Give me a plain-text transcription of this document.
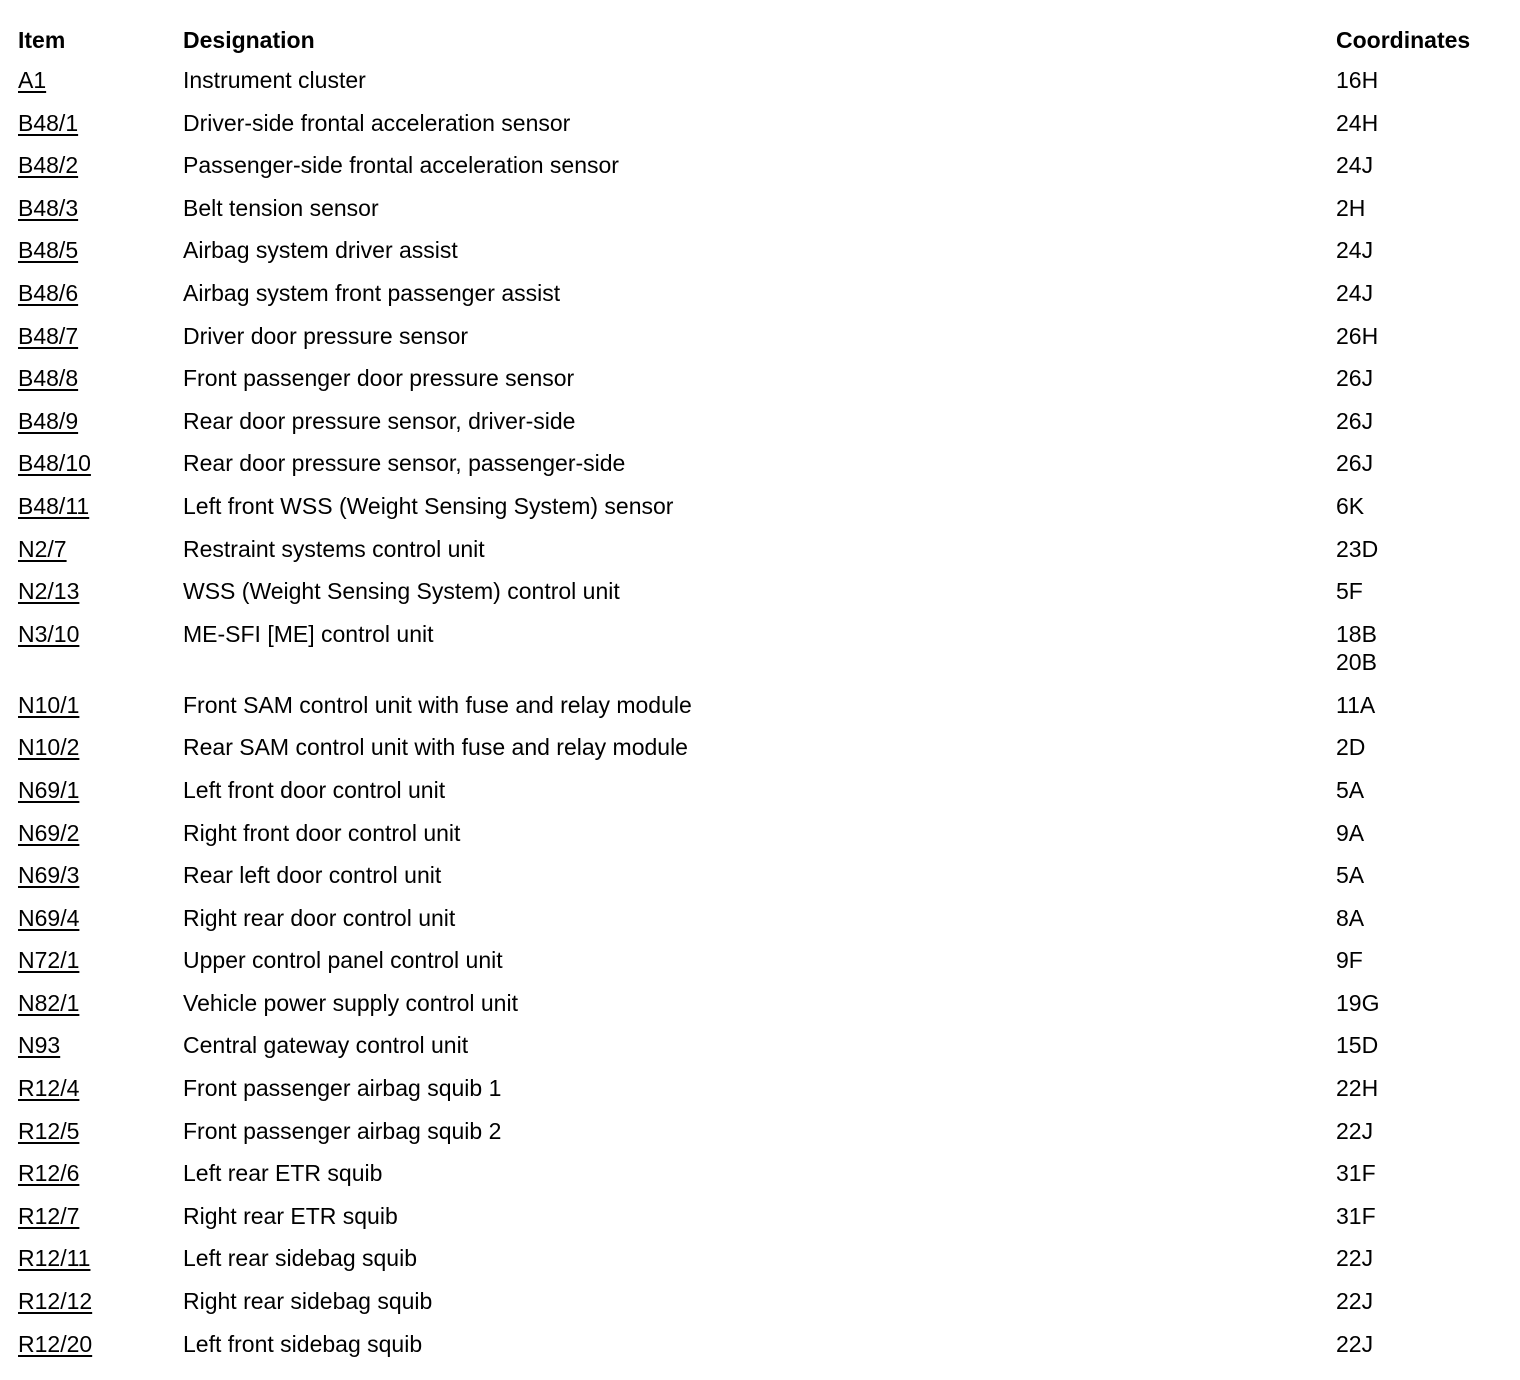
Item	Designation	Coordinates
A1	Instrument cluster	16H
B48/1	Driver-side frontal acceleration sensor	24H
B48/2	Passenger-side frontal acceleration sensor	24J
B48/3	Belt tension sensor	2H
B48/5	Airbag system driver assist	24J
B48/6	Airbag system front passenger assist	24J
B48/7	Driver door pressure sensor	26H
B48/8	Front passenger door pressure sensor	26J
B48/9	Rear door pressure sensor, driver-side	26J
B48/10	Rear door pressure sensor, passenger-side	26J
B48/11	Left front WSS (Weight Sensing System) sensor	6K
N2/7	Restraint systems control unit	23D
N2/13	WSS (Weight Sensing System) control unit	5F
N3/10	ME-SFI [ME] control unit	18B
20B
N10/1	Front SAM control unit with fuse and relay module	11A
N10/2	Rear SAM control unit with fuse and relay module	2D
N69/1	Left front door control unit	5A
N69/2	Right front door control unit	9A
N69/3	Rear left door control unit	5A
N69/4	Right rear door control unit	8A
N72/1	Upper control panel control unit	9F
N82/1	Vehicle power supply control unit	19G
N93	Central gateway control unit	15D
R12/4	Front passenger airbag squib 1	22H
R12/5	Front passenger airbag squib 2	22J
R12/6	Left rear ETR squib	31F
R12/7	Right rear ETR squib	31F
R12/11	Left rear sidebag squib	22J
R12/12	Right rear sidebag squib	22J
R12/20	Left front sidebag squib	22J
